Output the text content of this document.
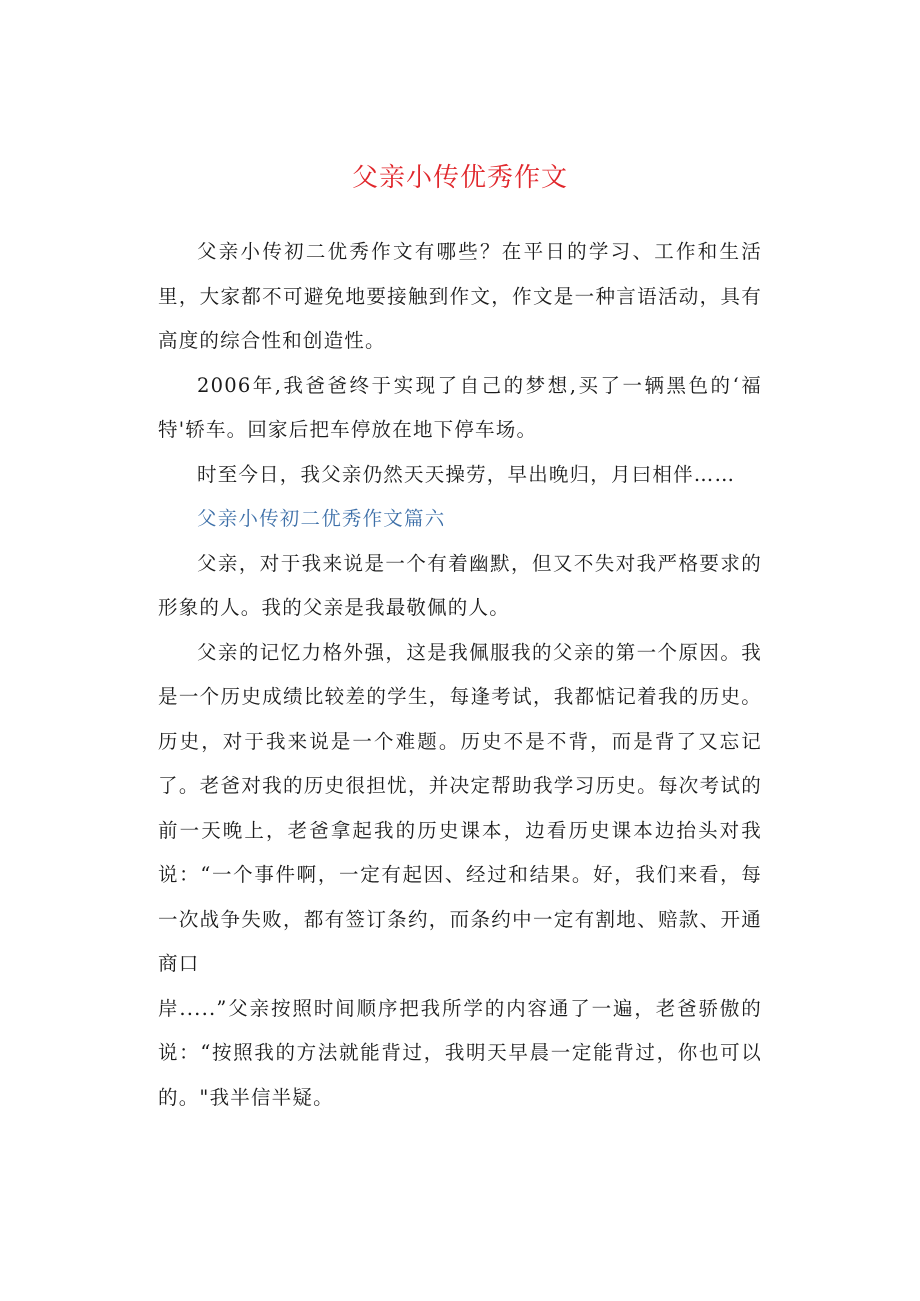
父亲小传优秀作文

父亲小传初二优秀作文有哪些？在平日的学习、工作和生活里，大家都不可避免地要接触到作文，作文是一种言语活动，具有高度的综合性和创造性。

2006年,我爸爸终于实现了自己的梦想,买了一辆黑色的‘福特'轿车。回家后把车停放在地下停车场。

时至今日，我父亲仍然天天操劳，早出晚归，月曰相伴……

父亲小传初二优秀作文篇六

父亲，对于我来说是一个有着幽默，但又不失对我严格要求的形象的人。我的父亲是我最敬佩的人。

父亲的记忆力格外强，这是我佩服我的父亲的第一个原因。我是一个历史成绩比较差的学生，每逢考试，我都惦记着我的历史。历史，对于我来说是一个难题。历史不是不背，而是背了又忘记了。老爸对我的历史很担忧，并决定帮助我学习历史。每次考试的前一天晚上，老爸拿起我的历史课本，边看历史课本边抬头对我说：“一个事件啊，一定有起因、经过和结果。好，我们来看，每一次战争失败，都有签订条约，而条约中一定有割地、赔款、开通商口

岸.....”父亲按照时间顺序把我所学的内容通了一遍，老爸骄傲的说：“按照我的方法就能背过，我明天早晨一定能背过，你也可以的。"我半信半疑。
